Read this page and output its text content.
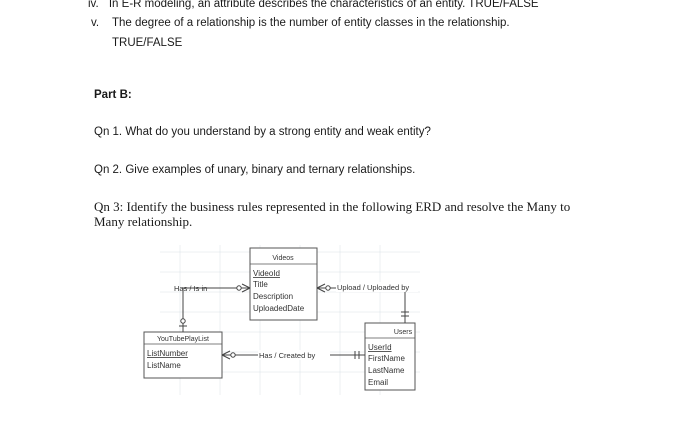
iv. In E-R modeling, an attribute describes the characteristics of an entity. TRUE/FALSE
v. The degree of a relationship is the number of entity classes in the relationship.
TRUE/FALSE
Part B:
Qn 1. What do you understand by a strong entity and weak entity?
Qn 2. Give examples of unary, binary and ternary relationships.
Qn 3: Identify the business rules represented in the following ERD and resolve the Many to
Many relationship.
Videos
VideoId
Title
Description
UploadedDate
YouTubePlayList
ListNumber
ListName
Users
UserId
FirstName
LastName
Email
Has / Is in	Upload / Uploaded by
Has / Created by
